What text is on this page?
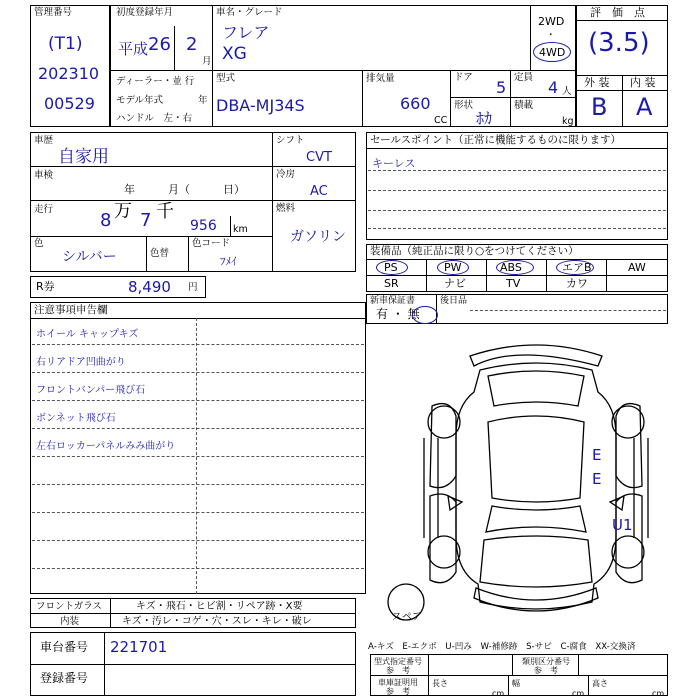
管理番号
(T1)
202310
00529
初度登録年月
平成 26 2
月
ディーラー・並 行
モデル年式	年
ハンドル　左・右
車名・グレード
フレア
XG
2WD
・
4WD
型式
DBA-MJ34S
排気量
660
CC
ドア
5
定員
4 人
形状
ﾎｶ
積載
kg
評　価　点
(3.5)
外 装 内 装
B A
車歴
自家用
車検
年　　　月（　　　日）
走行
8 万 7 千
956 km
色
シルバー	色替
色コード
ﾌﾒｲ
シフト
CVT
冷房
AC
燃料
ガソリン
R券	8,490 円
セールスポイント（正常に機能するものに限ります）
キーレス
装備品（純正品に限り○をつけてください）
PS	PW	ABS	エアB	AW
SR	ナビ	TV	カワ
新車保証書
有 ・ 無
後日品
注意事項申告欄
ホイール キャップキズ
右リアドア凹曲がり
フロントバンパー飛び石
ボンネット飛び石
左右ロッカーパネルみみ曲がり	E
E
U1
スペア
フロントガラス	キズ・飛石・ヒビ割・リペア跡・X要
内装	キズ・汚レ・コゲ・穴・スレ・キレ・破レ
車台番号 221701
登録番号
A-キズ　E-エクボ　U-凹み　W-補修跡　S-サビ　C-腐食　XX-交換済
型式指定番号
参　考
類別区分番号
参　考
車庫証明用
参　考
長さ
cm
幅
cm
高さ
cm
